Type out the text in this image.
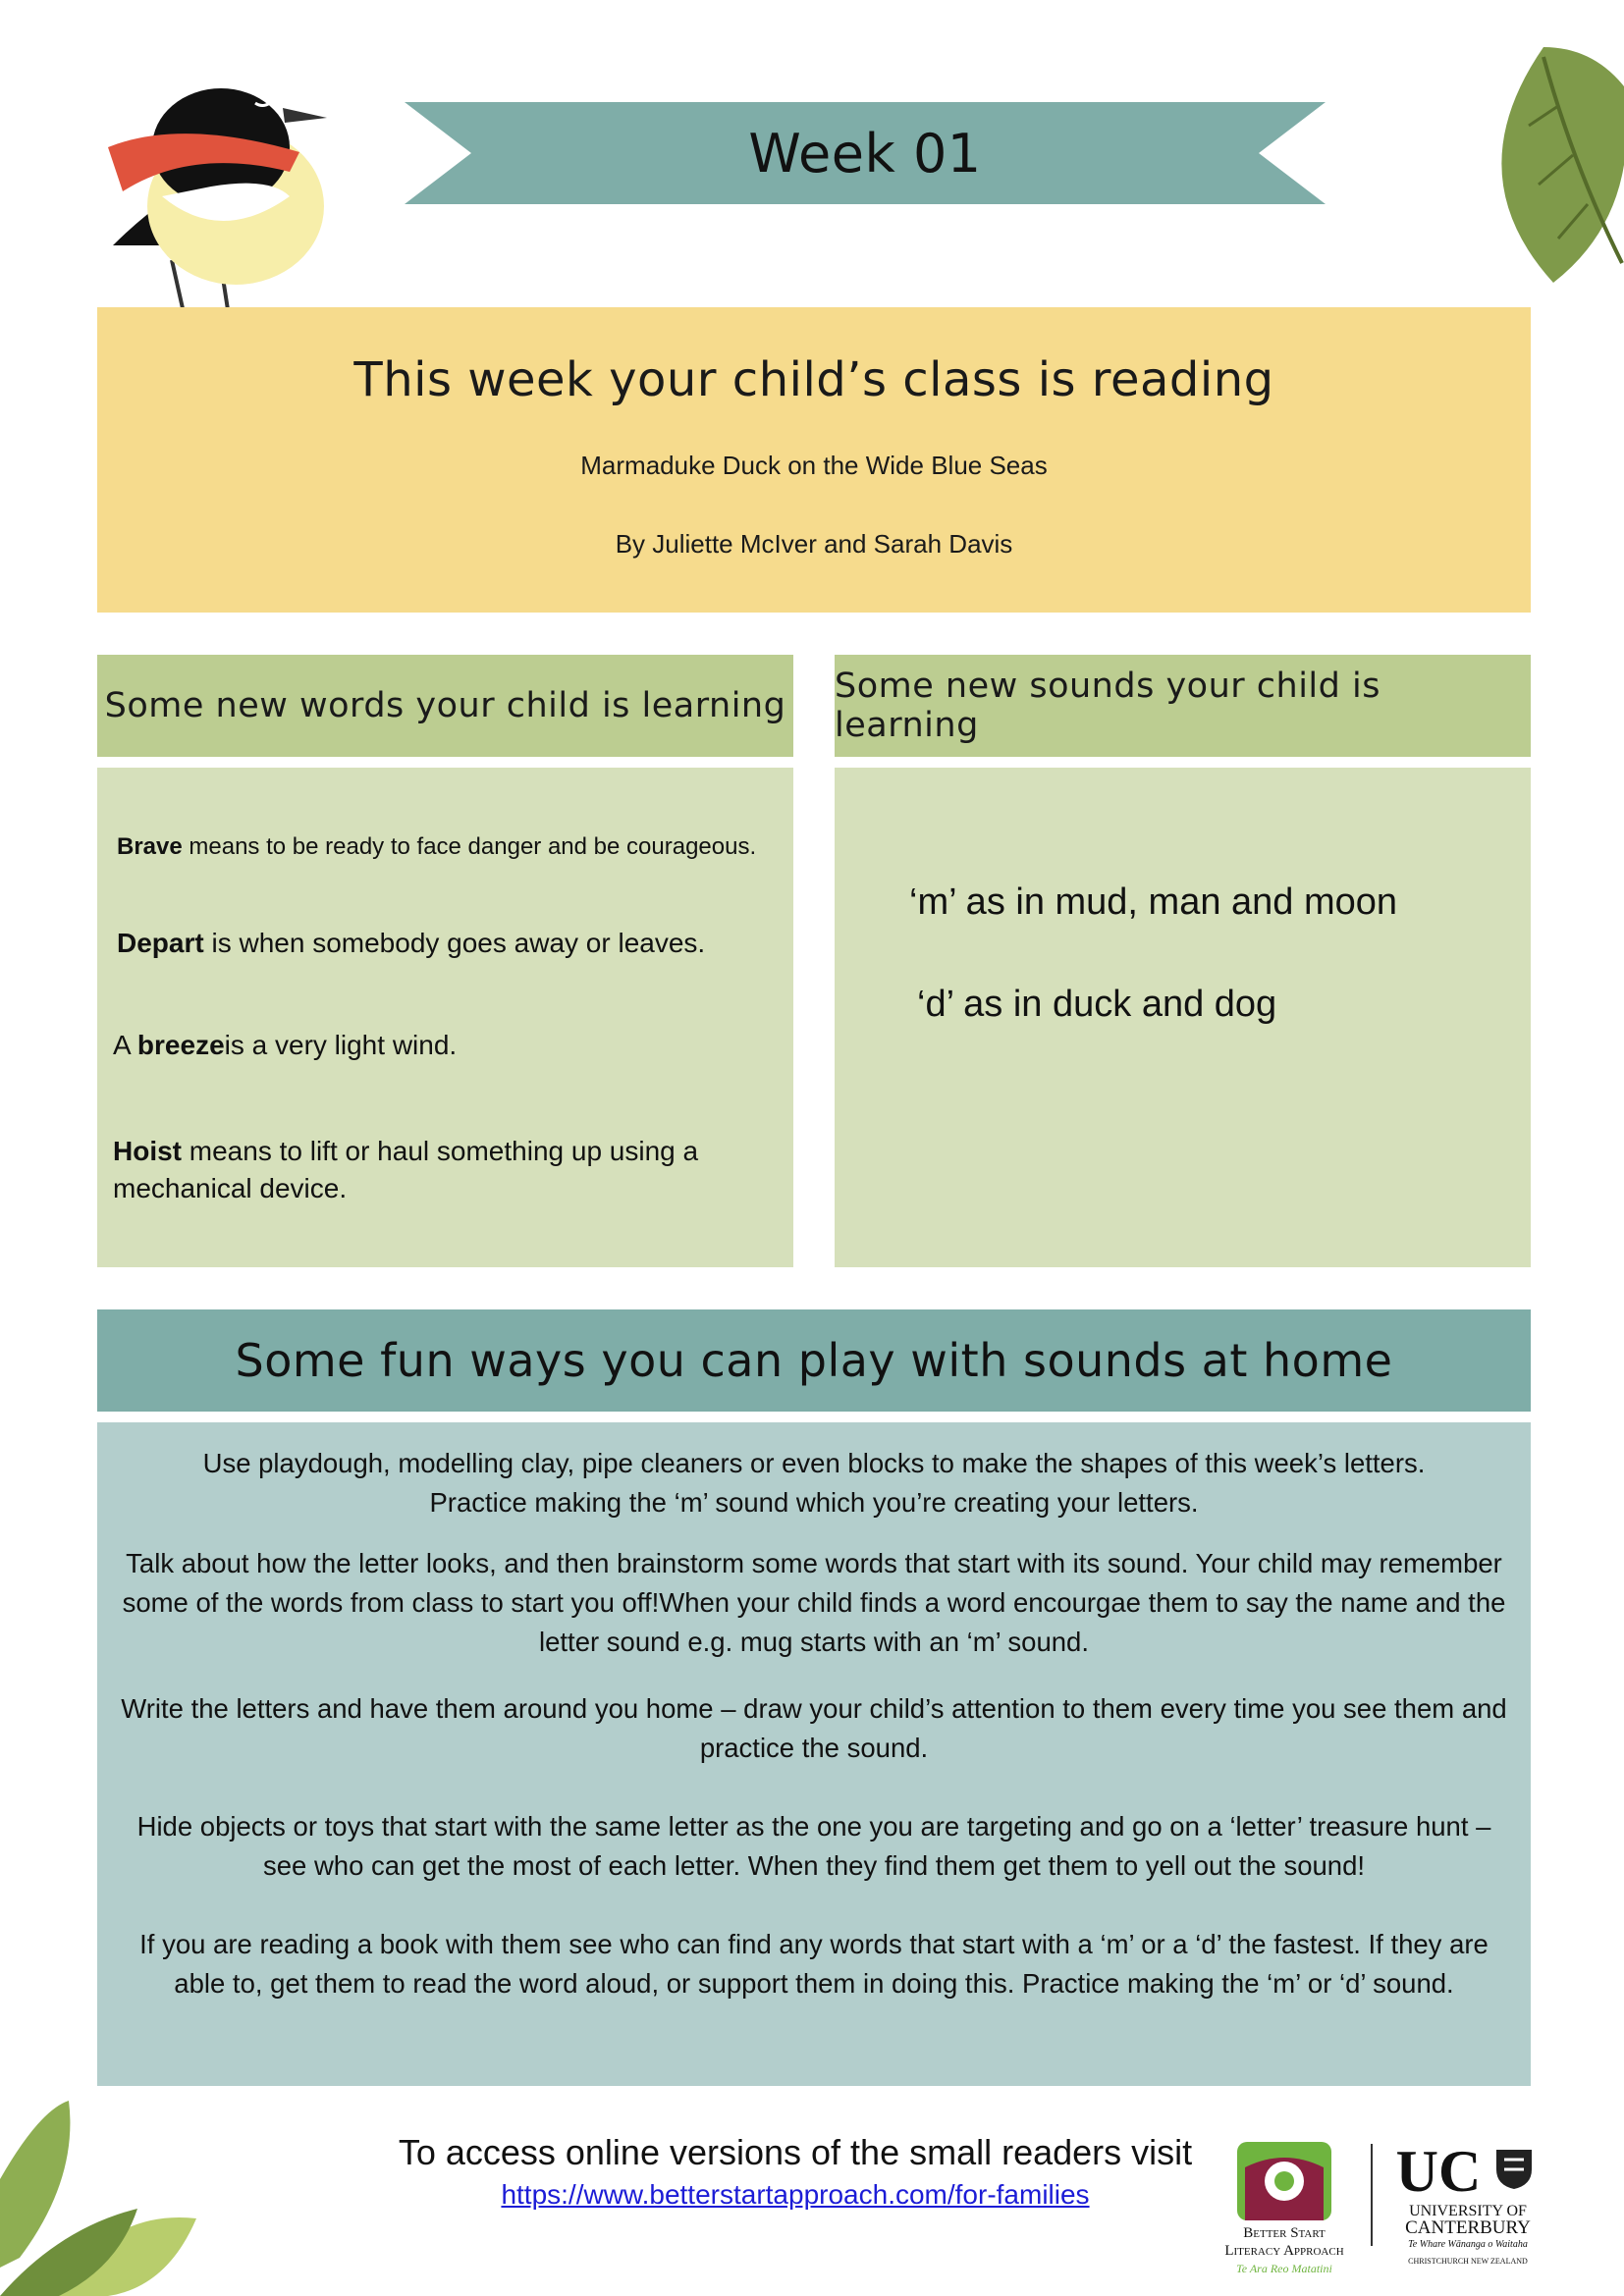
Week 01
This week your child’s class is reading
Marmaduke Duck on the Wide Blue Seas
By Juliette McIver and Sarah Davis
Some new words your child is learning
Brave means to be ready to face danger and be courageous.
Depart is when somebody goes away or leaves.
A breezeis a very light wind.
Hoist means to lift or haul something up using a mechanical device.
Some new sounds your child is learning
‘m’ as in mud, man and moon
‘d’ as in duck and dog
Some fun ways you can play with sounds at home
Use playdough, modelling clay, pipe cleaners or even blocks to make the shapes of this week’s letters. Practice making the ‘m’ sound which you’re creating your letters.
Talk about how the letter looks, and then brainstorm some words that start with its sound. Your child may remember some of the words from class to start you off!When your child finds a word encourgae them to say the name and the letter sound e.g. mug starts with an ‘m’ sound.
Write the letters and have them around you home – draw your child’s attention to them every time you see them and practice the sound.
Hide objects or toys that start with the same letter as the one you are targeting and go on a ‘letter’ treasure hunt – see who can get the most of each letter. When they find them get them to yell out the sound!
If you are reading a book with them see who can find any words that start with a ‘m’ or a ‘d’ the fastest. If they are able to, get them to read the word aloud, or support them in doing this. Practice making the ‘m’ or ‘d’ sound.
To access online versions of the small readers visit
https://www.betterstartapproach.com/for-families
Better Start
Literacy Approach
Te Ara Reo Matatini
UC
UNIVERSITY OF
CANTERBURY
Te Whare Wānanga o Waitaha
CHRISTCHURCH NEW ZEALAND
